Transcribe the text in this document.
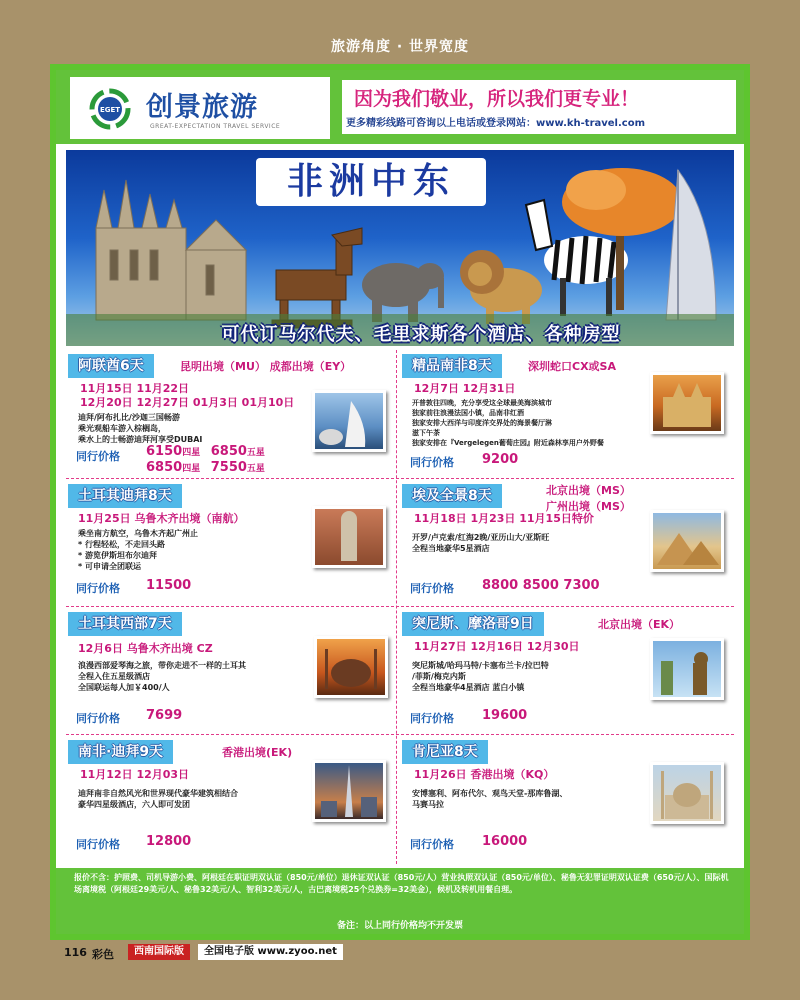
旅游角度 · 世界宽度
EGET 创景旅游
GREAT-EXPECTATION TRAVEL SERVICE
因为我们敬业，所以我们更专业！
更多精彩线路可咨询以上电话或登录网站：www.kh-travel.com
非洲中东
可代订马尔代夫、毛里求斯各个酒店、各种房型
阿联酋6天	昆明出境（MU） 成都出境（EY）
11月15日 11月22日
12月20日 12月27日 01月3日 01月10日
迪拜/阿布扎比/沙迦三国畅游
乘光观船车游入棕榈岛，
乘水上的士畅游迪拜河享受DUBAI
同行价格 6150四星 6850五星
6850四星 7550五星
精品南非8天	深圳蛇口CX或SA
12月7日 12月31日
开普敦往四晚，充分享受这全球最美海滨城市
独家前往浪漫法国小镇，品南非红酒
独家安排大西洋与印度洋交界处的海景餐厅淋
滋下午茶
独家安排在『Vergelegen葡萄庄园』附近森林享用户外野餐
同行价格 9200
土耳其迪拜8天
11月25日 乌鲁木齐出境（南航）
乘坐南方航空，乌鲁木齐起广州止
* 行程轻松，不走回头路
* 游览伊斯坦布尔迪拜
* 可申请全团联运
同行价格 11500
埃及全景8天	北京出境（MS）
广州出境（MS）
11月18日 1月23日 11月15日特价
开罗/卢克索/红海2晚/亚历山大/亚斯旺
全程当地豪华5星酒店
同行价格 8800 8500 7300
土耳其西部7天
12月6日 乌鲁木齐出境 CZ
浪漫西部爱琴海之旅，带你走进不一样的土耳其
全程入住五星级酒店
全国联运每人加￥400/人
同行价格 7699
突尼斯、摩洛哥9日	北京出境（EK）
11月27日 12月16日 12月30日
突尼斯城/哈玛马特/卡塞布兰卡/拉巴特
/菲斯/梅克内斯
全程当地豪华4星酒店 蓝白小镇
同行价格 19600
南非·迪拜9天	香港出境(EK)
11月12日 12月03日
迪拜南非自然风光和世界现代豪华建筑相结合
豪华四星级酒店，六人即可发团
同行价格 12800
肯尼亚8天
11月26日 香港出境（KQ）
安博塞利、阿布代尔、观鸟天堂-那库鲁湖、
马赛马拉
同行价格 16000
报价不含：护照费、司机导游小费、阿根廷在职证明双认证（850元/单位）退休证双认证（850元/人）营业执照双认证（850元/单位）、秘鲁无犯罪证明双认证费（650元/人）、国际机场离境税（阿根廷29美元/人、秘鲁32美元/人、智利32美元/人，古巴离境税25个兑换券=32美金），候机及转机用餐自理。
备注：以上同行价格均不开发票
116 彩色	西南国际版	全国电子版 www.zyoo.net
